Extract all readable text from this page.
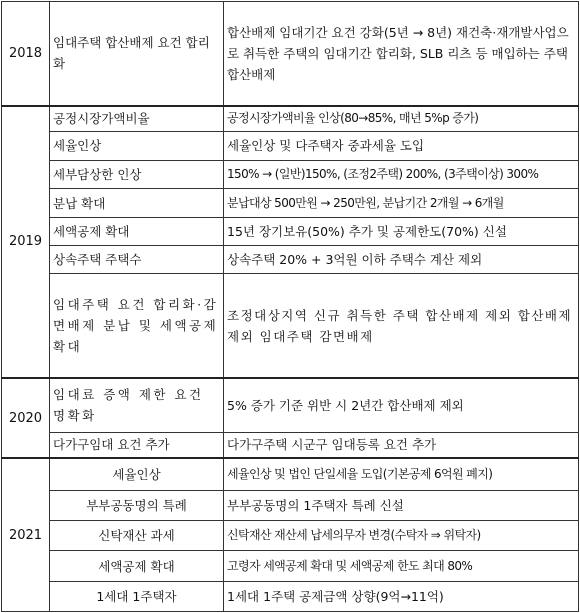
2018	임대주택 합산배제 요건 합리화	합산배제 임대기간 요건 강화(5년 → 8년) 재건축·재개발사업으로 취득한 주택의 임대기간 합리화, SLB 리츠 등 매입하는 주택 합산배제
2019	공정시장가액비율	공정시장가액비율 인상(80→85%, 매년 5%p 증가)
	세율인상	세율인상 및 다주택자 중과세율 도입
	세부담상한 인상	150% → (일반)150%, (조정2주택) 200%, (3주택이상) 300%
	분납 확대	분납대상 500만원 → 250만원, 분납기간 2개월 → 6개월
	세액공제 확대	15년 장기보유(50%) 추가 및 공제한도(70%) 신설
	상속주택 주택수	상속주택 20% + 3억원 이하 주택수 계산 제외
	임대주택 요건 합리화·감면배제 분납 및 세액공제 확대	조정대상지역 신규 취득한 주택 합산배제 제외 합산배제 제외 임대주택 감면배제
2020	임대료 증액 제한 요건 명확화	5% 증가 기준 위반 시 2년간 합산배제 제외
	다가구임대 요건 추가	다가구주택 시군구 임대등록 요건 추가
2021	세율인상	세율인상 및 법인 단일세율 도입(기본공제 6억원 폐지)
	부부공동명의 특례	부부공동명의 1주택자 특례 신설
	신탁재산 과세	신탁재산 재산세 납세의무자 변경(수탁자 ⇒ 위탁자)
	세액공제 확대	고령자 세액공제 확대 및 세액공제 한도 최대 80%
	1세대 1주택자	1세대 1주택 공제금액 상향(9억→11억)
